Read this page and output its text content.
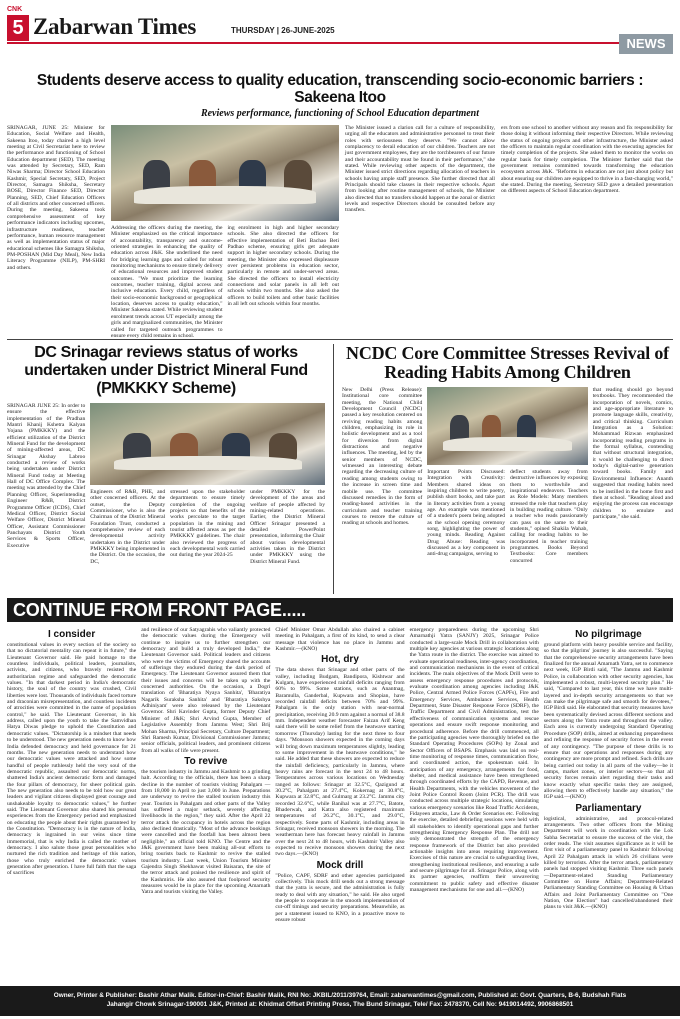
CNK
5 Zabarwan Times	THURSDAY | 26-JUNE-2025
NEWS
Students deserve access to quality education, transcending socio-economic barriers : Sakeena Itoo
Reviews performance, functioning of School Education department
SRINAGAR, JUNE 25: Minister for Education, Social Welfare and Health, Sakeena Itoo, today chaired a high level meeting at Civil Secretariat here to review the performance and functioning of School Education department (SED). The meeting was attended by Secretary, SED, Ram Niwas Sharma; Director School Education Kashmir, Special Secretary, SED, Project Director, Samagra Shiksha, Secretary BOSE, Director Finance SED, Director Planning, SED, Chief Education Officers of all districts and other concerned officers. During the meeting, Sakeena took comprehensive assessment of key performance indicators including upcomes, infrastructure readiness, teacher performance, human resource management as well as implementation status of major educational schemes like Samagra Shiksha, PM-POSHAN (Mid Day Meal), New India Literacy Programme (NILP), PM-SHRI and others.
Addressing the officers during the meeting, the Minister emphasized on the critical importance of accountability, transparency and outcome-oriented strategies in enhancing the quality of education across J&K. She underlined the need for bridging learning gaps and called for robust monitoring mechanisms to ensure timely delivery of educational resources and improved student outcomes. "We must prioritize the learning outcomes, teacher training, digital access and inclusive education. Every child, regardless of their socio-economic background or geographical location, deserves access to quality education," Minister Sakeena stated. While reviewing student enrolment trends across UT especially among the girls and marginalized communities, the Minister called for targeted outreach programmes to ensure every child remains in school.
ing enrolment in high and higher secondary schools. She also directed the officers for effective implementation of Beti Bachao Beti Padhao scheme, ensuring girls get adequate support in higher secondary schools. During the meeting, the Minister also expressed displeasure over persistent problems in education sector, particularly in remote and under-served areas. She directed the officers to install electricity connections and solar panels in all left out schools within two months. She also asked the officers to build toilets and other basic facilities in all left out schools within four months.
The Minister issued a clarion call for a culture of responsibility, urging all the educators and administrative personnel to treat their roles with seriousness they deserve. "We cannot allow complacency to derail education of our children. Teachers are not just government employees, they are the torchbearers of our future and their accountability must be found in their performance," she stated. While reviewing other aspects of the department, the Minister issued strict directions regarding allocation of teachers in schools having ample staff presence. She further directed that all Principals should take classes in their respective schools. Apart from looking after routine management of schools, the Minister also directed that no transfers should happen at the zonal or district levels and respective Directors should be consulted before any transfers.
ers from one school to another without any reason and fix responsibility for those doing it without informing their respective Directors. While reviewing the status of ongoing projects and other infrastructure, the Minister asked the officers to maintain regular coordination with the executing agencies for timely completion of the projects. She asked them to monitor the works on regular basis for timely completion. The Minister further said that the government remains committed towards transforming the education ecosystem across J&K. "Reforms in education are not just about policy but about ensuring our children are equipped to thrive in a fast-changing world," she stated. During the meeting, Secretary SED gave a detailed presentation on different aspects of School Education department.
DC Srinagar reviews status of works undertaken under District Mineral Fund (PMKKKY Scheme)
SRINAGAR JUNE 25: In order to ensure the effective implementation of the Pradhan Mantri Khanij Kshetra Kalyan Yojana (PMKKKY) and the efficient utilization of the District Mineral Fund for the development of mining-affected areas, DC Srinagar Akshay Labroo conducted a review of works being undertaken under District Mineral Fund today at Meeting Hall of DC Office Complex. The meeting was attended by the Chief Planning Officer, Superintending Engineer R&B, District Programme Officer (ICDS), Chief Medical Officer, District Social Welfare Officer, District Mineral Officer, Assistant Commissioner Panchayats District Youth Services & Sports Officer, Executive
Engineers of R&B, PHE, and other concerned officers. At the outset, the Deputy Commissioner, who is also the Chairman of the District Mineral Foundation Trust, conducted a comprehensive review of each developmental activity undertaken in the District under PMKKKY being implemented in the District. On the occasion, the DC,
stressed upon the stakeholder departments to ensure timely completion of the ongoing projects so that benefits of the works percolate to the target population in the mining and tourist affected areas as per the PMKKKY guidelines. The chair also reviewed the progress of each developmental work carried out during the year 2024-25
under PMKKKY for the development of the areas and welfare of people affected by mining-related operations. Earlier, the District Mineral Officer Srinagar presented a detailed PowerPoint presentation, informing the Chair about various developmental activities taken in the District under PMKKKY using the District Mineral Fund.
NCDC Core Committee Stresses Revival of Reading Habits Among Children
New Delhi (Press Release): Institutional core committee meeting, the National Child Development Council (NCDC) passed a key resolution centered on reviving reading habits among children, emphasizing its role in holistic development and as a tool for diversion from digital distractions and negative influences. The meeting, led by the senior members of NCDC, witnessed an interesting debate regarding the decreasing culture of reading among students owing to the increase in screen time and mobile use. The committee discussed remedies in the form of reading-based activities in the curriculum and teacher training courses to restore the culture of reading at schools and homes.
Important Points Discussed: Integration with Creativity: Members shared ideas on inspiring children to write poetry, publish short books, and take part in literary activities from a young age. An example was mentioned of a student's poem being adopted as the school opening ceremony song, highlighting the power of young minds. Reading Against Drug Abuse: Reading was discussed as a key component in anti-drug campaigns, serving to
deflect students away from destructive influences by exposing them to worthwhile and inspirational endeavors. Teachers as Role Models: Many members stressed the role that teachers play in building reading culture. "Only a teacher who reads passionately can pass on the same to their students," opined Shakila Wahab, calling for reading habits to be incorporated in teacher training programmes. Books Beyond Textbooks: Core members concurred
that reading should go beyond textbooks. They recommended the incorporation of novels, comics, and age-appropriate literature to promote language skills, creativity, and critical thinking. Curriculum Integration as a Solution: Mohammad Rizwan emphasized incorporating reading programs in the formal syllabus, contending that without structural integration, it would be challenging to direct today's digital-native generation toward books. Family and Environmental Influence: Ananth suggested that reading habits need to be instilled in the home first and then at school. "Reading aloud and enjoying the process can encourage children to emulate and participate," she said.
CONTINUE FROM FRONT PAGE.....
I consider
constitutional values in every section of the society so that no dictatorial mentality can repeat it in future," the Lieutenant Governor said. He paid homage to the countless individuals, political leaders, journalists, activists, and citizens, who bravely resisted the authoritarian regime and safeguarded the democratic values. "In that darkest period in India's democratic history, the soul of the country was crushed, Civil liberties were lost. Thousands of individuals faced torture and draconian misrepresentation, and countless incidents of atrocities were committed in the name of population control," he said. The Lieutenant Governor, in his address, called upon the youth to take the Samvidhan Hatya Diwas pledge to uphold the Constitution and democratic values. "Dictatorship is a mindset that needs to be understood. The new generation needs to know how India defended democracy and held governance for 21 months. The new generation needs to understand how our democratic values were attacked and how some handful of people ruthlessly held the very soul of the democratic republic, assaulted our democratic norms, shattered India's ancient democratic form and damaged the four pillars of democracy, for sheer political gain. The new generation also needs to be told how our great leaders and vigilant citizens displayed great courage and unshakeable loyalty to democratic values," he further said. The Lieutenant Governor also shared his personal experiences from the Emergency period and emphasized on educating the people about their rights guaranteed by the Constitution. "Democracy is in the nature of India, democracy is ingrained in our veins since time immemorial, that is why India is called the mother of democracy. I also salute those great personalities who nurtured the rich tradition and heritage of this nation, those who truly enriched the democratic values generation after generation. I have full faith that the saga of sacrifices
and resilience of our Satyagrahis who valiantly protected the democratic values during the Emergency will continue to inspire us to further strengthen our democracy and build a truly developed India," the Lieutenant Governor said. Political leaders and citizens who were the victims of Emergency shared the accounts of sufferings they endured during the dark period of Emergency. The Lieutenant Governor assured them that their issues and concerns will be taken up with the concerned authorities. On the occasion, a Dogri translation of 'Bharatiya Nyaya Sanhita', 'Bharatiya Nagarik Suraksha Sanhita' and 'Bharatiya Sakshya Adhiniyam' were also released by the Lieutenant Governor. Shri Kavinder Gupta, former Deputy Chief Minister of J&K; Shri Arvind Gupta, Member of Legislative Assembly from Jammu West; Shri Brij Mohan Sharma, Principal Secretary, Culture Department; Shri Ramesh Kumar, Divisional Commissioner Jammu; senior officials, political leaders, and prominent citizens from all walks of life were present.
To revive
the tourism industry in Jammu and Kashmir to a grinding halt. According to the officials, there has been a sharp decline in the number of tourists visiting Pahalgam — from 18,000 in April to just 3,000 in June. Preparations are underway to revive the stalled tourism industry this year. Tourists in Pahalgam and other parts of the Valley has suffered a major setback, severely affecting livelihoods in the region," they said. After the April 22 terror attack the occupancy in hotels across the region also declined drastically. "Most of the advance bookings were cancelled and the footfall has been almost been negligible," an official told KNO. The Centre and the J&K government have been making all-out efforts to bring tourists back to Kashmir to revive the stalled tourism industry. Last week, Union Tourism Minister Gajendra Singh Shekhawat visited Baisaran, the site of the terror attack and praised the resilience and spirit of the Kashmiris. He also assured that foolproof security measures would be in place for the upcoming Amarnath Yatra and tourists visiting the Valley.
Chief Minister Omar Abdullah also chaired a cabinet meeting in Pahalgam, a first of its kind, to send a clear message that violence has no place in Jammu and Kashmir.—(KNO)
Hot, dry
The data shows that Srinagar and other parts of the valley, including Budgam, Bandipora, Kishtwar and Kulgam, have experienced rainfall deficits ranging from 60% to 99%. Some stations, such as Anantnag, Baramulla, Ganderbal, Kupwara and Shopian, have recorded rainfall deficits between 70% and 99%. Pahalgam is the only station with near-normal precipitation, receiving 20.9 mm against a normal of 38.8 mm. Independent weather forecaster Faizan Arif Keng said there will be some relief from the heatwave starting tomorrow (Thursday) lasting for the next three to four days. "Monsoon showers expected in the coming days will bring down maximum temperatures slightly, leading to some improvement in the heatwave conditions," he said. He added that these showers are expected to reduce the rainfall deficiency, particularly in Jammu, where heavy rains are forecast in the next 24 to 48 hours. Temperatures across various locations on Wednesday ranged as follows: Srinagar at 32.5°C, Qazigund at 30.2°C, Pahalgam at 27.4°C, Kokernag at 30.8°C, Kupwara at 32.8°C, and Gulmarg at 23.2°C. Jammu city recorded 32.6°C, while Banihal was at 27.7°C, Batote, Bhaderwah, and Katra also registered maximum temperatures of 26.2°C, 30.1°C, and 29.0°C, respectively. Some parts of Kashmir, including areas in Srinagar, received monsoon showers in the morning. The weatherman here has forecast heavy rainfall in Jammu over the next 24 to 48 hours, with Kashmir Valley also expected to receive monsoon showers during the next two days.—(KNO)
Mock drill
"Police, CAPF, SDRF and other agencies participated collectively. This mock drill sends out a strong message that the yatra is secure, and the administration is fully ready to deal with any situation," he said. He also urged the people to cooperate in the smooth implementation of cut-off timings and security preparations. Meanwhile, as per a statement issued to KNO, in a proactive move to ensure robust
emergency preparedness during the upcoming Shri Amarnathji Yatra (SANJY) 2025, Srinagar Police conducted a large-scale Mock Drill in collaboration with multiple key agencies at various strategic locations along the Yatra route in the district. The exercise was aimed to evaluate operational readiness, inter-agency coordination, and communication mechanisms in the event of critical incidents. The main objectives of the Mock Drill were to assess emergency response procedures and protocols, evaluate coordination among agencies including J&K Police, Central Armed Police Forces (CAPFs), Fire and Emergency Services, Ambulance Services, Health Department, State Disaster Response Force (SDRF), the Traffic Department and Civil Administration, test the effectiveness of communication systems and rescue operations and ensure swift response monitoring and procedural adherence. Before the drill commenced, all the participating agencies were thoroughly briefed on the Standard Operating Procedures (SOPs) by Zonal and Sector Officers of BSAPS. Emphasis was laid on real-time monitoring of response times, communication flow, and coordinated action, the spokesman said. In anticipation of any emergency, arrangements for food, shelter, and medical assistance have been strengthened through coordinated efforts by the CAPD, Revenue, and Health Departments, with the vehicles movement of the Joint Police Control Room (Joint PCR). The drill was conducted across multiple strategic locations, simulating various emergency scenarios like Road Traffic Accidents, Fidayeen attacks, Law & Order Scenarios etc. Following the exercise, detailed debriefing sessions were held with all stakeholders to identify operational gaps and further strengthening Emergency Response Plan. The drill not only demonstrated the strength of the emergency response framework of the District but also provided actionable insights into areas requiring improvement. Exercises of this nature are crucial to safeguarding lives, strengthening institutional resilience, and ensuring a safe and secure pilgrimage for all. Srinagar Police, along with its partner agencies, reaffirm their unwavering commitment to public safety and effective disaster management mechanisms for one and all.—(KNO)
No pilgrimage
ground platform with heavy possible service and facility, so that the pilgrims' journey is also successful. "Saying that the comprehensive security arrangements have been finalized for the annual Amarnath Yatra, set to commence next week, IGP Birdi said, "The Jammu and Kashmir Police, in collaboration with other security agencies, has implemented a robust, multi-layered security plan." He said, "Compared to last year, this time we have multi-layered and in-depth security arrangements so that we can make the pilgrimage safe and smooth for devotees," IGP Birdi said. He elaborated that security measures have been systematically devised across different sections and sectors along the Yatra route and throughout the valley. Each area is currently undergoing Standard Operating Procedure (SOP) drills, aimed at enhancing preparedness and refining the response of security forces in the event of any contingency. "The purpose of these drills is to ensure that our operations and responses during any contingency are more prompt and refined. Such drills are being carried out today in all parts of the valley—be it camps, market zones, or interior sectors—so that all security forces remain alert regarding their tasks and know exactly what specific tasks they are assigned, allowing them to effectively handle any situation," the IGP said.—(KNO)
Parliamentary
logistical, administrative, and protocol-related arrangements. Two other officers from the Mining Department will work in coordination with the Lok Sabha Secretariat to ensure the success of the visit, the order reads. The visit assumes significance as it will be first visit of a parliamentary panel to Kashmir following April 22 Pahalgam attack in which 26 civilians were killed by terrorists. After the terror attack, parliamentary panels had stopped visiting Kashmir. Three such panels—Department-related Standing Parliamentary Committee on Home Affairs; Department-Related Parliamentary Standing Committee on Housing & Urban Affairs and Joint Parliamentary Committee on "One Nation, One Election" had cancelled/abandoned their plans to visit J&K.—(KNO)
Owner, Printer & Publisher: Bashir Athar Malik. Editor-in-Chief: Bashir Malik, RNI No: JKBIL/2011/39764, Email: zabarwantimes@gmail.com, Published at: Govt. Quarters, B-6, Budshah Flats
Jahangir Chowk Srinagar-190001 J&K, Printed at: Khidmat Offset Printing Press, The Bund Srinagar, Tele/ Fax: 2478370, Cell No: 9419014492, 9906868501
